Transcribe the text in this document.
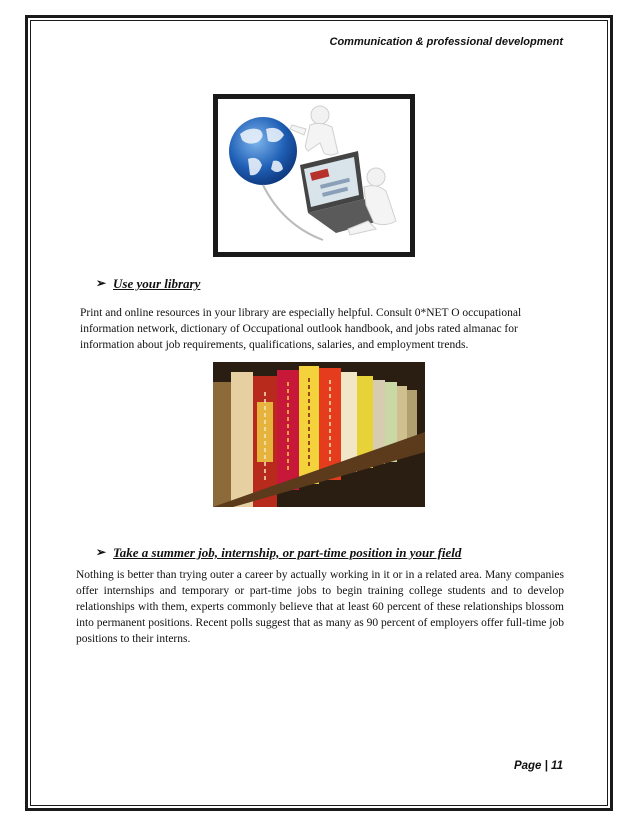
Communication & professional development
➢ Use your library
Print and online resources in your library are especially helpful. Consult 0*NET O occupational information network, dictionary of Occupational outlook handbook, and jobs rated almanac for information about job requirements, qualifications, salaries, and employment trends.
➢ Take a summer job, internship, or part-time position in your field
Nothing is better than trying outer a career by actually working in it or in a related area. Many companies offer internships and temporary or part-time jobs to begin training college students and to develop relationships with them, experts commonly believe that at least 60 percent of these relationships blossom into permanent positions. Recent polls suggest that as many as 90 percent of employers offer full-time job positions to their interns.
Page | 11
